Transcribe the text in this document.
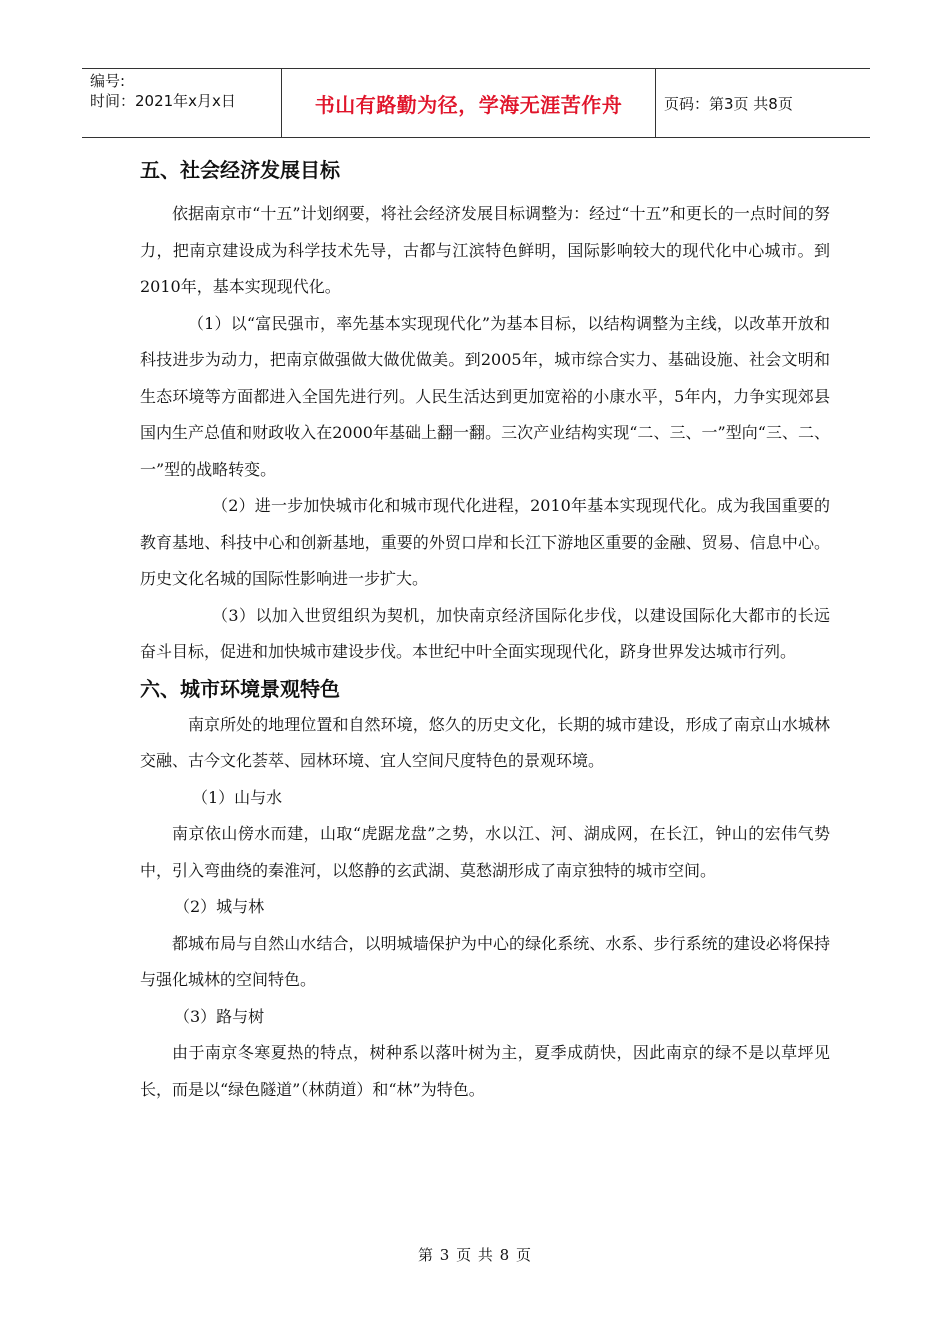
编号:
时间：2021年x月x日	书山有路勤为径，学海无涯苦作舟	页码：第3页 共8页
五、社会经济发展目标

依据南京市“十五”计划纲要，将社会经济发展目标调整为：经过“十五”和更长的一点时间的努力，把南京建设成为科学技术先导，古都与江滨特色鲜明，国际影响较大的现代化中心城市。到2010年，基本实现现代化。

（1）以“富民强市，率先基本实现现代化”为基本目标，以结构调整为主线，以改革开放和科技进步为动力，把南京做强做大做优做美。到2005年，城市综合实力、基础设施、社会文明和生态环境等方面都进入全国先进行列。人民生活达到更加宽裕的小康水平，5年内，力争实现郊县国内生产总值和财政收入在2000年基础上翻一翻。三次产业结构实现“二、三、一”型向“三、二、一”型的战略转变。

（2）进一步加快城市化和城市现代化进程，2010年基本实现现代化。成为我国重要的教育基地、科技中心和创新基地，重要的外贸口岸和长江下游地区重要的金融、贸易、信息中心。历史文化名城的国际性影响进一步扩大。

（3）以加入世贸组织为契机，加快南京经济国际化步伐，以建设国际化大都市的长远奋斗目标，促进和加快城市建设步伐。本世纪中叶全面实现现代化，跻身世界发达城市行列。

六、城市环境景观特色

南京所处的地理位置和自然环境，悠久的历史文化，长期的城市建设，形成了南京山水城林交融、古今文化荟萃、园林环境、宜人空间尺度特色的景观环境。

（1）山与水

南京依山傍水而建，山取“虎踞龙盘”之势，水以江、河、湖成网，在长江，钟山的宏伟气势中，引入弯曲绕的秦淮河，以悠静的玄武湖、莫愁湖形成了南京独特的城市空间。

（2）城与林

都城布局与自然山水结合，以明城墙保护为中心的绿化系统、水系、步行系统的建设必将保持与强化城林的空间特色。

（3）路与树

由于南京冬寒夏热的特点，树种系以落叶树为主，夏季成荫快，因此南京的绿不是以草坪见长，而是以“绿色隧道”（林荫道）和“林”为特色。

第 3 页 共 8 页
